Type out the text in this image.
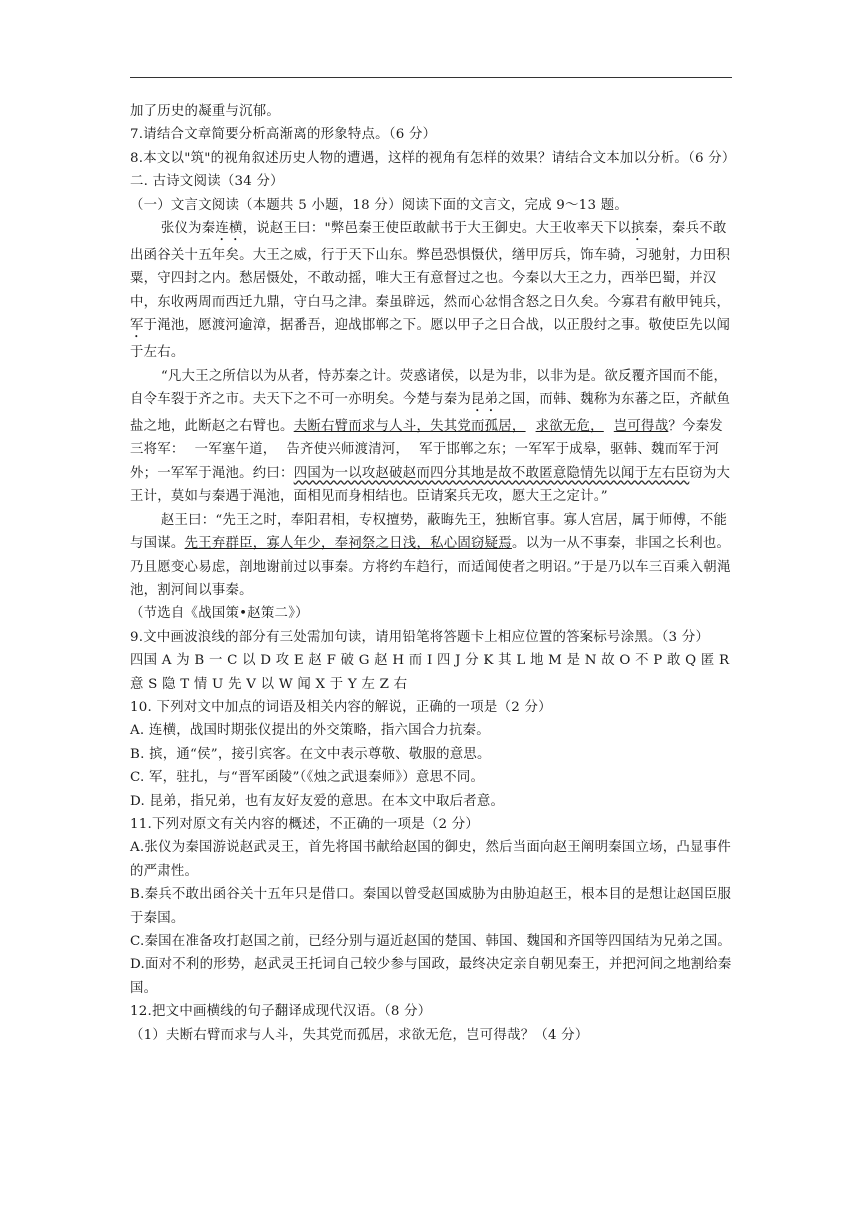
加了历史的凝重与沉郁。

7.请结合文章简要分析高渐离的形象特点。（6 分）

8.本文以"筑"的视角叙述历史人物的遭遇，这样的视角有怎样的效果？请结合文本加以分析。（6 分）

二. 古诗文阅读（34 分）

（一）文言文阅读（本题共 5 小题，18 分）阅读下面的文言文，完成 9～13 题。

张仪为秦连横，说赵王曰："弊邑秦王使臣敢献书于大王御史。大王收率天下以摈秦，秦兵不敢出函谷关十五年矣。大王之威，行于天下山东。弊邑恐惧慑伏，缮甲厉兵，饰车骑，习驰射，力田积粟，守四封之内。愁居慑处，不敢动摇，唯大王有意督过之也。今秦以大王之力，西举巴蜀，并汉中，东收两周而西迁九鼎，守白马之津。秦虽辟远，然而心忿悁含怒之日久矣。今寡君有敝甲钝兵，军于渑池，愿渡河逾漳，据番吾，迎战邯郸之下。愿以甲子之日合战，以正殷纣之事。敬使臣先以闻于左右。

“凡大王之所信以为从者，恃苏秦之计。荧惑诸侯，以是为非，以非为是。欲反覆齐国而不能，自令车裂于齐之市。夫天下之不可一亦明矣。今楚与秦为昆弟之国，而韩、魏称为东蕃之臣，齐献鱼盐之地，此断赵之右臂也。夫断右臂而求与人斗，失其党而孤居， 求欲无危， 岂可得哉？今秦发三将军： 一军塞午道， 告齐使兴师渡清河， 军于邯郸之东；一军军于成皋，驱韩、魏而军于河外；一军军于渑池。约曰：四国为一以攻赵破赵而四分其地是故不敢匿意隐情先以闻于左右臣窃为大王计，莫如与秦遇于渑池，面相见而身相结也。臣请案兵无攻，愿大王之定计。”

赵王曰：“先王之时，奉阳君相，专权擅势，蔽晦先王，独断官事。寡人宫居，属于师傅，不能与国谋。先王弃群臣，寡人年少，奉祠祭之日浅，私心固窃疑焉。以为一从不事秦，非国之长利也。乃且愿变心易虑，剖地谢前过以事秦。方将约车趋行，而适闻使者之明诏。”于是乃以车三百乘入朝渑池，割河间以事秦。

（节选自《战国策•赵策二》）

9.文中画波浪线的部分有三处需加句读，请用铅笔将答题卡上相应位置的答案标号涂黑。（3 分）

四国 A 为 B 一 C 以 D 攻 E 赵 F 破 G 赵 H 而 I 四 J 分 K 其 L 地 M 是 N 故 O 不 P 敢 Q 匿 R 意 S 隐 T 情 U 先 V 以 W 闻 X 于 Y 左 Z 右

10. 下列对文中加点的词语及相关内容的解说，正确的一项是（2 分）

A. 连横，战国时期张仪提出的外交策略，指六国合力抗秦。

B. 摈，通“侯”，接引宾客。在文中表示尊敬、敬服的意思。

C. 军，驻扎，与“晋军函陵”（《烛之武退秦师》）意思不同。

D. 昆弟，指兄弟，也有友好友爱的意思。在本文中取后者意。

11.下列对原文有关内容的概述，不正确的一项是（2 分）

A.张仪为秦国游说赵武灵王，首先将国书献给赵国的御史，然后当面向赵王阐明秦国立场，凸显事件的严肃性。

B.秦兵不敢出函谷关十五年只是借口。秦国以曾受赵国威胁为由胁迫赵王，根本目的是想让赵国臣服于秦国。

C.秦国在准备攻打赵国之前，已经分别与逼近赵国的楚国、韩国、魏国和齐国等四国结为兄弟之国。

D.面对不利的形势，赵武灵王托词自己较少参与国政，最终决定亲自朝见秦王，并把河间之地割给秦国。

12.把文中画横线的句子翻译成现代汉语。（8 分）

（1）夫断右臂而求与人斗，失其党而孤居，求欲无危，岂可得哉？（4 分）
